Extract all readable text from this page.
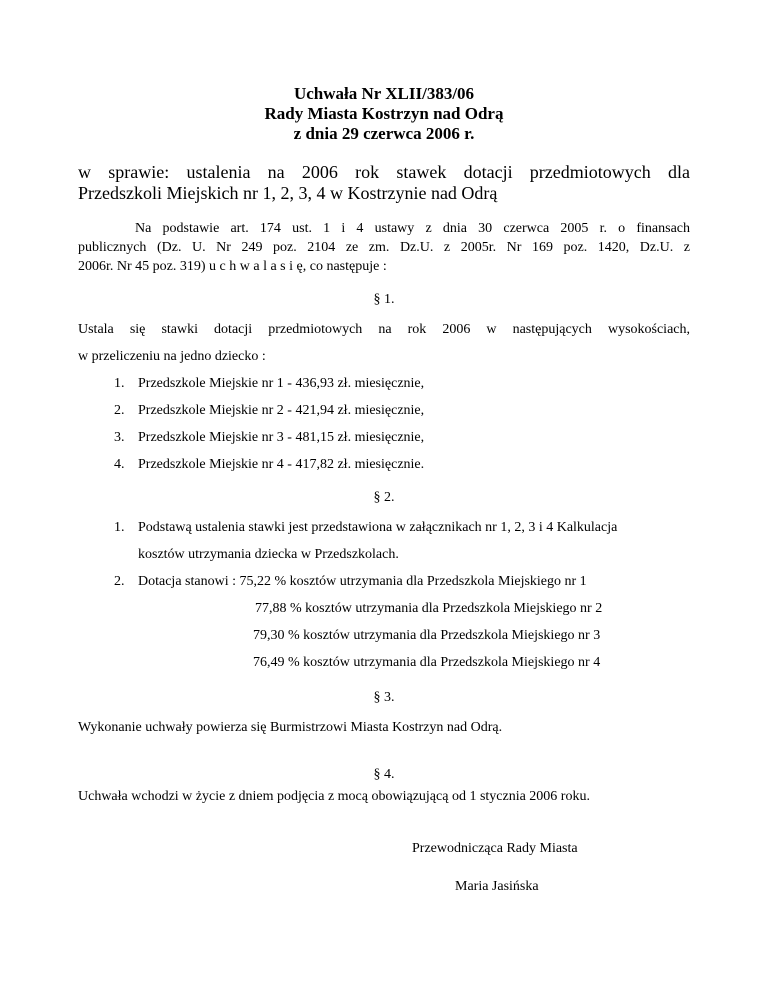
Uchwała Nr XLII/383/06
Rady Miasta Kostrzyn nad Odrą
z dnia 29 czerwca 2006 r.
w sprawie: ustalenia na 2006 rok stawek dotacji przedmiotowych dla
Przedszkoli Miejskich nr 1, 2, 3, 4 w Kostrzynie nad Odrą
Na podstawie art. 174 ust. 1 i 4 ustawy z dnia 30 czerwca 2005 r. o finansach
publicznych (Dz. U. Nr 249 poz. 2104 ze zm. Dz.U. z 2005r. Nr 169 poz. 1420, Dz.U. z
2006r. Nr 45 poz. 319) u c h w a l a s i ę, co następuje :
§ 1.
Ustala się stawki dotacji przedmiotowych na rok 2006 w następujących wysokościach,
w przeliczeniu na jedno dziecko :
1. Przedszkole Miejskie nr 1 - 436,93 zł. miesięcznie,
2. Przedszkole Miejskie nr 2 - 421,94 zł. miesięcznie,
3. Przedszkole Miejskie nr 3 - 481,15 zł. miesięcznie,
4. Przedszkole Miejskie nr 4 - 417,82 zł. miesięcznie.
§ 2.
1. Podstawą ustalenia stawki jest przedstawiona w załącznikach nr 1, 2, 3 i 4 Kalkulacja
kosztów utrzymania dziecka w Przedszkolach.
2. Dotacja stanowi : 75,22 % kosztów utrzymania dla Przedszkola Miejskiego nr 1
77,88 % kosztów utrzymania dla Przedszkola Miejskiego nr 2
79,30 % kosztów utrzymania dla Przedszkola Miejskiego nr 3
76,49 % kosztów utrzymania dla Przedszkola Miejskiego nr 4
§ 3.
Wykonanie uchwały powierza się Burmistrzowi Miasta Kostrzyn nad Odrą.
§ 4.
Uchwała wchodzi w życie z dniem podjęcia z mocą obowiązującą od 1 stycznia 2006 roku.
Przewodnicząca Rady Miasta
Maria Jasińska
